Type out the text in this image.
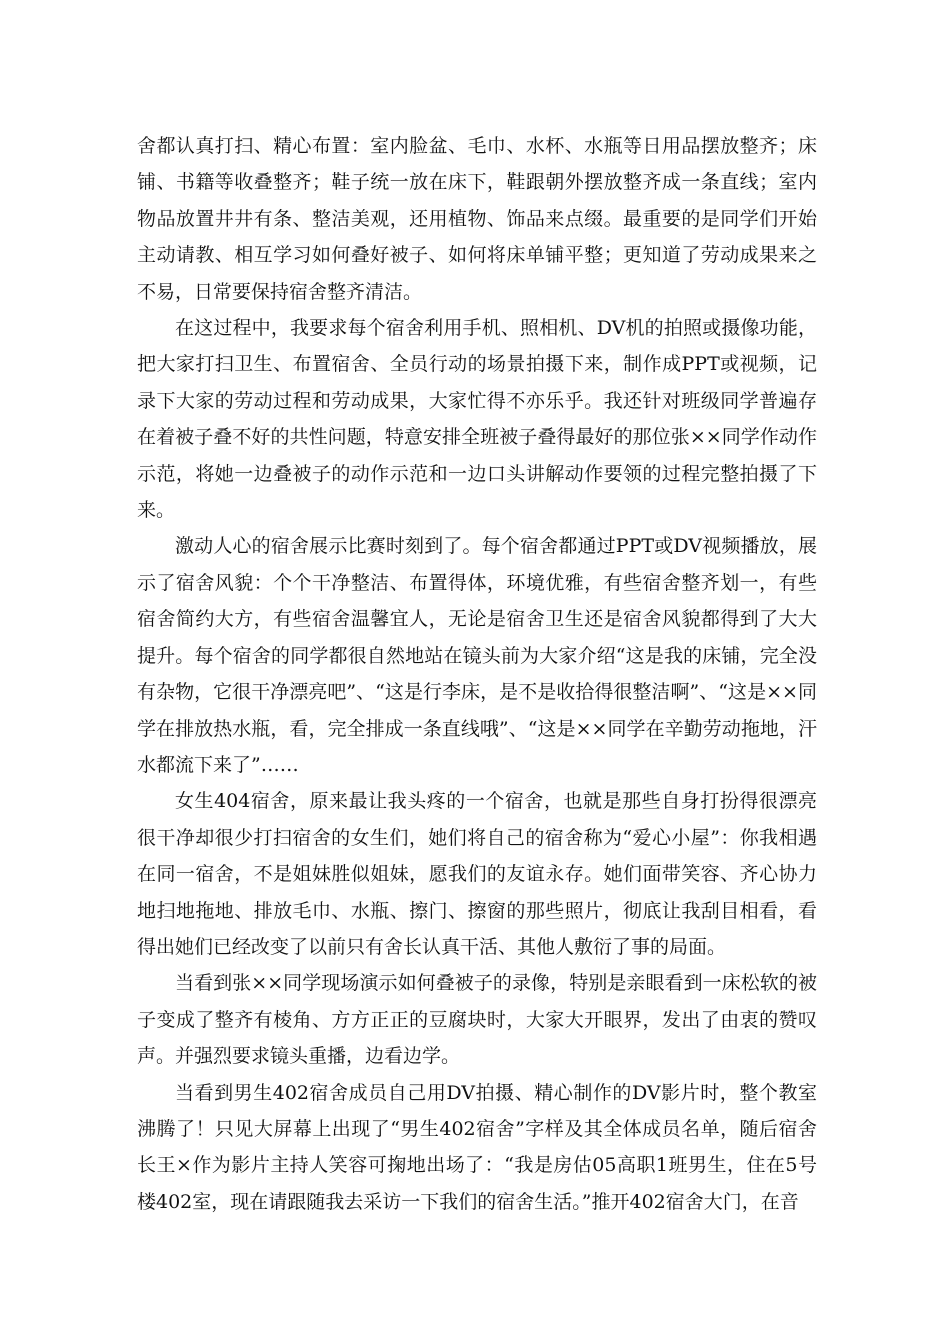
舍都认真打扫、精心布置：室内脸盆、毛巾、水杯、水瓶等日用品摆放整齐；床铺、书籍等收叠整齐；鞋子统一放在床下，鞋跟朝外摆放整齐成一条直线；室内物品放置井井有条、整洁美观，还用植物、饰品来点缀。最重要的是同学们开始主动请教、相互学习如何叠好被子、如何将床单铺平整；更知道了劳动成果来之不易，日常要保持宿舍整齐清洁。

在这过程中，我要求每个宿舍利用手机、照相机、DV机的拍照或摄像功能，把大家打扫卫生、布置宿舍、全员行动的场景拍摄下来，制作成PPT或视频，记录下大家的劳动过程和劳动成果，大家忙得不亦乐乎。我还针对班级同学普遍存在着被子叠不好的共性问题，特意安排全班被子叠得最好的那位张××同学作动作示范，将她一边叠被子的动作示范和一边口头讲解动作要领的过程完整拍摄了下来。

激动人心的宿舍展示比赛时刻到了。每个宿舍都通过PPT或DV视频播放，展示了宿舍风貌：个个干净整洁、布置得体，环境优雅，有些宿舍整齐划一，有些宿舍简约大方，有些宿舍温馨宜人，无论是宿舍卫生还是宿舍风貌都得到了大大提升。每个宿舍的同学都很自然地站在镜头前为大家介绍“这是我的床铺，完全没有杂物，它很干净漂亮吧”、“这是行李床，是不是收拾得很整洁啊”、“这是××同学在排放热水瓶，看，完全排成一条直线哦”、“这是××同学在辛勤劳动拖地，汗水都流下来了”……

女生404宿舍，原来最让我头疼的一个宿舍，也就是那些自身打扮得很漂亮很干净却很少打扫宿舍的女生们，她们将自己的宿舍称为“爱心小屋”：你我相遇在同一宿舍，不是姐妹胜似姐妹，愿我们的友谊永存。她们面带笑容、齐心协力地扫地拖地、排放毛巾、水瓶、擦门、擦窗的那些照片，彻底让我刮目相看，看得出她们已经改变了以前只有舍长认真干活、其他人敷衍了事的局面。

当看到张××同学现场演示如何叠被子的录像，特别是亲眼看到一床松软的被子变成了整齐有棱角、方方正正的豆腐块时，大家大开眼界，发出了由衷的赞叹声。并强烈要求镜头重播，边看边学。

当看到男生402宿舍成员自己用DV拍摄、精心制作的DV影片时，整个教室沸腾了！只见大屏幕上出现了“男生402宿舍”字样及其全体成员名单，随后宿舍长王×作为影片主持人笑容可掬地出场了：“我是房估05高职1班男生，住在5号楼402室，现在请跟随我去采访一下我们的宿舍生活。”推开402宿舍大门，在音
